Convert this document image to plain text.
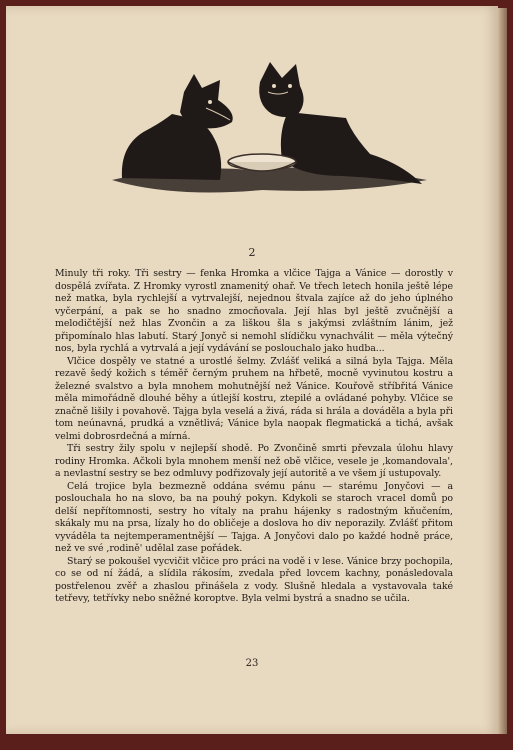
2

Minuly tři roky. Tři sestry — fenka Hromka a vlčice Tajga a Vánice — dorostly v dospělá zvířata. Z Hromky vyrostl znamenitý ohař. Ve třech letech honila ještě lépe než matka, byla rychlejší a vytrvalejší, nejednou štvala zajíce až do jeho úplného vyčerpání, a pak se ho snadno zmocňovala. Její hlas byl ještě zvučnější a melodičtější než hlas Zvončin a za liškou šla s jakýmsi zvláštním lánim, jež připomínalo hlas labutí. Starý Jonyč si nemohl slídičku vynachválit — měla výtečný nos, byla rychlá a vytrvalá a její vydávání se poslouchalo jako hudba...

Vlčice dospěly ve statné a urostlé šelmy. Zvlášť veliká a silná byla Tajga. Měla rezavě šedý kožich s téměř černým pruhem na hřbetě, mocně vyvinutou kostru a železné svalstvo a byla mnohem mohutnější než Vánice. Kouřově stříbřitá Vánice měla mimořádně dlouhé běhy a útlejší kostru, ztepilé a ovládané pohyby. Vlčice se značně lišily i povahově. Tajga byla veselá a živá, ráda si hrála a dováděla a byla při tom neúnavná, prudká a vznětlivá; Vánice byla naopak flegmatická a tichá, avšak velmi dobrosrdečná a mírná.

Tři sestry žily spolu v nejlepší shodě. Po Zvončině smrti převzala úlohu hlavy rodiny Hromka. Ačkoli byla mnohem menší než obě vlčice, vesele je ,komandovala', a nevlastní sestry se bez odmluvy podřizovaly její autoritě a ve všem jí ustupovaly.

Celá trojice byla bezmezně oddána svému pánu — starému Jonyčovi — a poslouchala ho na slovo, ba na pouhý pokyn. Kdykoli se starоch vracel domů po delší nepřítomnosti, sestry ho vítaly na prahu hájenky s radostným kňučením, skákaly mu na prsa, lízaly ho do obličeje a doslova ho div neporazily. Zvlášť přitom vyváděla ta nejtemperamentnější — Tajga. A Jonyčovi dalo po každé hodně práce, než ve své ,rodině' udělal zase pořádek.

Starý se pokoušel vycvičit vlčice pro práci na vodě i v lese. Vánice brzy pochopila, co se od ní žádá, a slídila rákosím, zvedala před lovcem kachny, ponásledovala postřelenou zvěř a zhaslou přinášela z vody. Slušně hledala a vystavovala také tetřevy, tetřívky nebo sněžné koroptve. Byla velmi bystrá a snadno se učila.

23
